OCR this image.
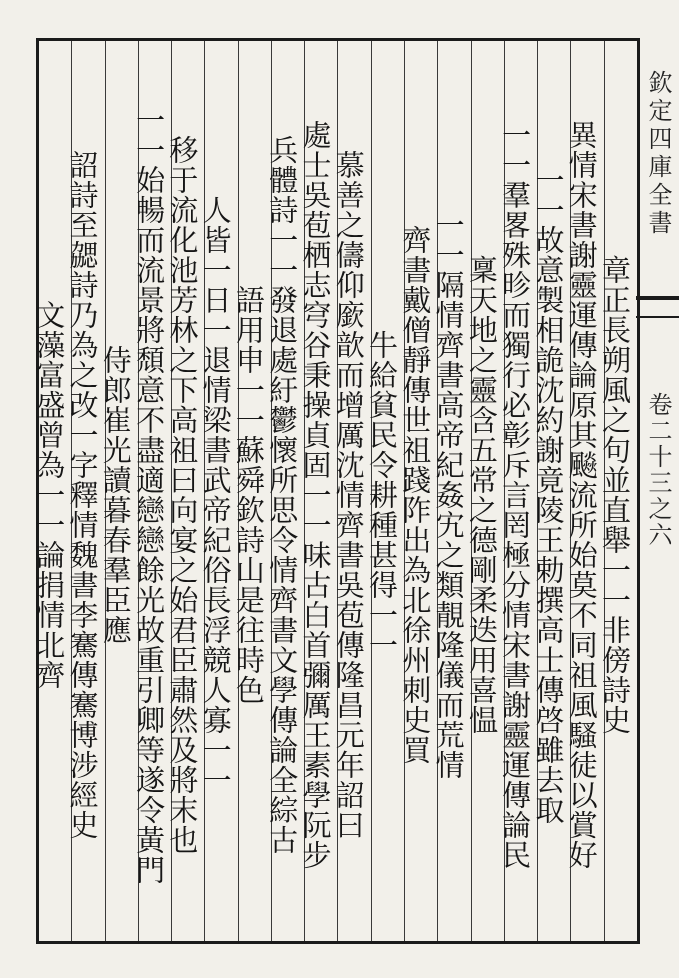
欽定四庫全書
卷二十三之六
章正長朔風之句並直舉一一非傍詩史
異情宋書謝靈運傳論原其飈流所始莫不同祖風騷徒以賞好
一一故意製相詭沈約謝竟陵王勅撰高士傳啓雖去取
一一羣畧殊昣而獨行必彰斥言罔極分情宋書謝靈運傳論民
稟天地之靈含五常之德剛柔迭用喜愠
一一隔情齊書高帝紀姦宄之類靚隆儀而荒情
齊書戴僧靜傳世祖踐阼出為北徐州刺史買
牛給貧民令耕種甚得一一
慕善之儔仰廞歆而增厲沈情齊書吳苞傳隆昌元年詔曰
處士吳苞栖志穹谷秉操貞固一一味古白首彌厲王素學阮步
兵體詩一一發退處紆鬱懷所思令情齊書文學傳論全綜古
語用申一一蘇舜欽詩山是往時色
人皆一日一退情梁書武帝紀俗長浮競人寡一一
移于流化池芳林之下高祖曰向宴之始君臣肅然及將末也
一一始暢而流景將頹意不盡適戀戀餘光故重引卿等遂令黃門
侍郎崔光讀暮春羣臣應
詔詩至勰詩乃為之改一字釋情魏書李騫傳騫博涉經史
文藻富盛曾為一一論捐情北齊
